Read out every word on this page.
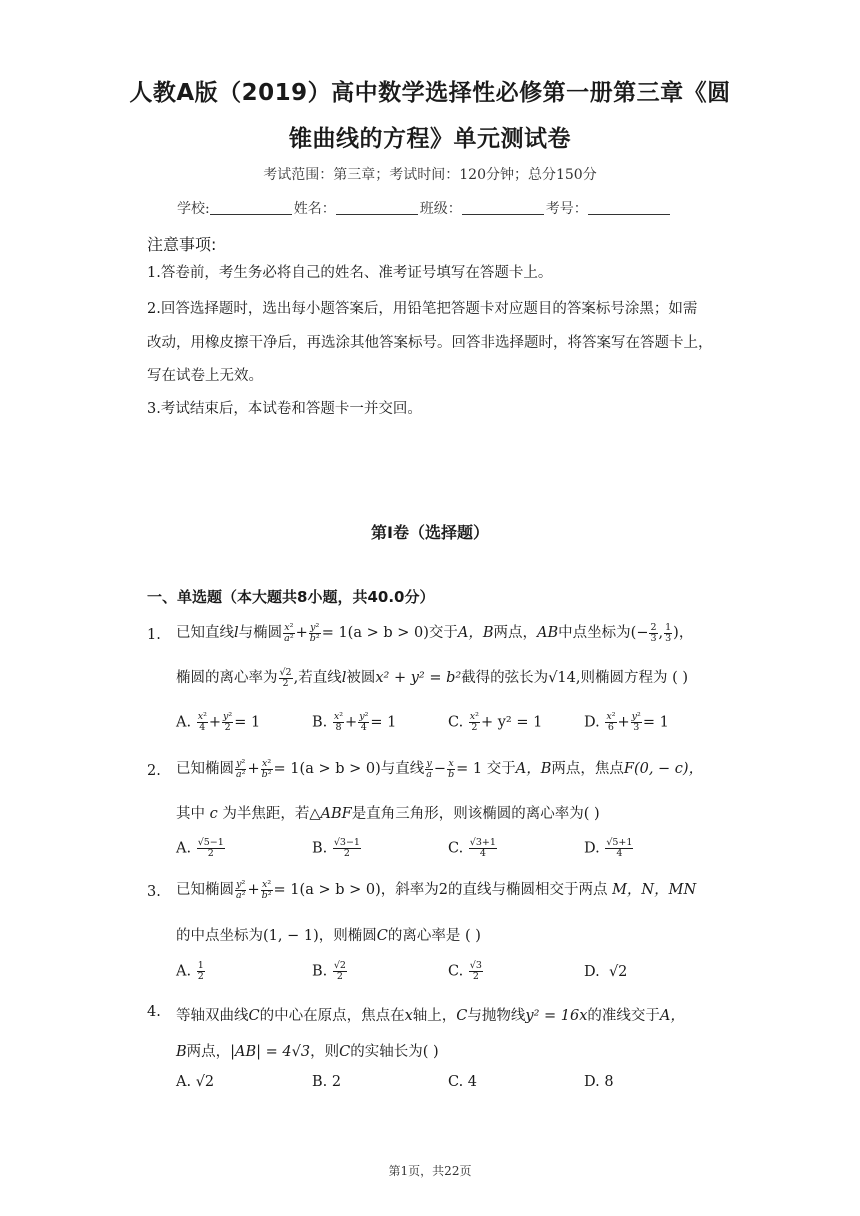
人教A版（2019）高中数学选择性必修第一册第三章《圆
锥曲线的方程》单元测试卷
考试范围：第三章；考试时间：120分钟；总分150分
学校:	姓名：	班级：	考号：
注意事项:
1.答卷前，考生务必将自己的姓名、准考证号填写在答题卡上。
2.回答选择题时，选出每小题答案后，用铅笔把答题卡对应题目的答案标号涂黑；如需
改动，用橡皮擦干净后，再选涂其他答案标号。回答非选择题时，将答案写在答题卡上，
写在试卷上无效。
3.考试结束后，本试卷和答题卡一并交回。
第I卷（选择题）
一、单选题（本大题共8小题，共40.0分）
1. 已知直线l与椭圆 $\frac{\text{x²}}{\text{a²}} + \frac{\text{y²}}{\text{b²}} = 1(a > b > 0)$交于A，B两点，AB中点坐标为(− $\frac{2}{3}$ , $\frac{1}{3}$ )，
椭圆的离心率为 $\frac{√2}{2}$ ,若直线l被圆x² + y² = b²截得的弦长为√14,则椭圆方程为 ( )
A. $\frac{\text{x²}}{4} + \frac{\text{y²}}{2} = 1$	B. $\frac{\text{x²}}{8} + \frac{\text{y²}}{4} = 1$	C. $\frac{\text{x²}}{2} + y^2 = 1$	D. $\frac{\text{x²}}{6} + \frac{\text{y²}}{3} = 1$
2. 已知椭圆 $\frac{\text{y²}}{\text{a²}} + \frac{\text{x²}}{\text{b²}} = 1(a > b > 0)$与直线 $\frac{y}{a} - \frac{x}{b} = 1$ 交于A，B两点，焦点F(0, − c)，
其中 c 为半焦距，若△ABF是直角三角形，则该椭圆的离心率为( )
A. $\frac{√5-1}{2}$	B. $\frac{√3-1}{2}$	C. $\frac{√3+1}{4}$	D. $\frac{√5+1}{4}$
3. 已知椭圆 $\frac{\text{y²}}{\text{a²}} + \frac{\text{x²}}{\text{b²}} = 1(a > b > 0)$，斜率为2的直线与椭圆相交于两点 M，N，MN
的中点坐标为(1, − 1)，则椭圆C的离心率是 ( )
A. $\frac{1}{2}$	B. $\frac{√2}{2}$	C. $\frac{√3}{2}$	D. √2
4. 等轴双曲线C的中心在原点，焦点在x轴上，C与抛物线y² = 16x的准线交于A，
B两点，|AB| = 4√3，则C的实轴长为( )
A. √2	B. 2	C. 4	D. 8
第1页，共22页
